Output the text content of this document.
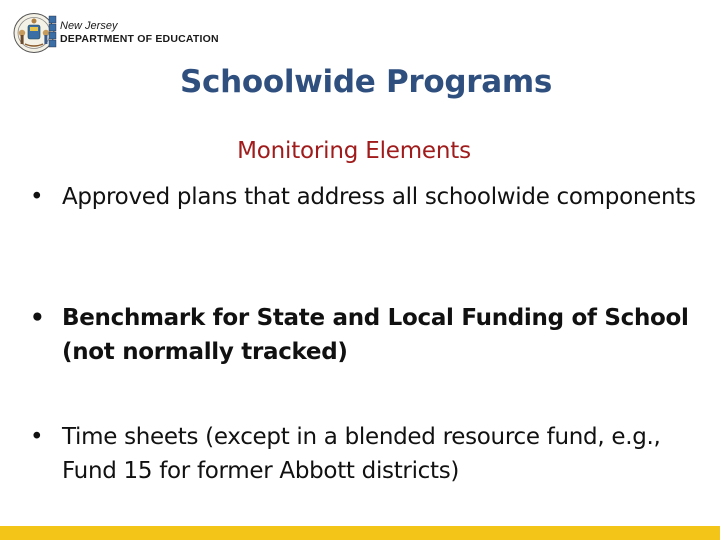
New Jersey
DEPARTMENT OF EDUCATION
Schoolwide Programs
Monitoring Elements
• Approved plans that address all schoolwide components
• Benchmark for State and Local Funding of School (not normally tracked)
• Time sheets (except in a blended resource fund, e.g., Fund 15 for former Abbott districts)
